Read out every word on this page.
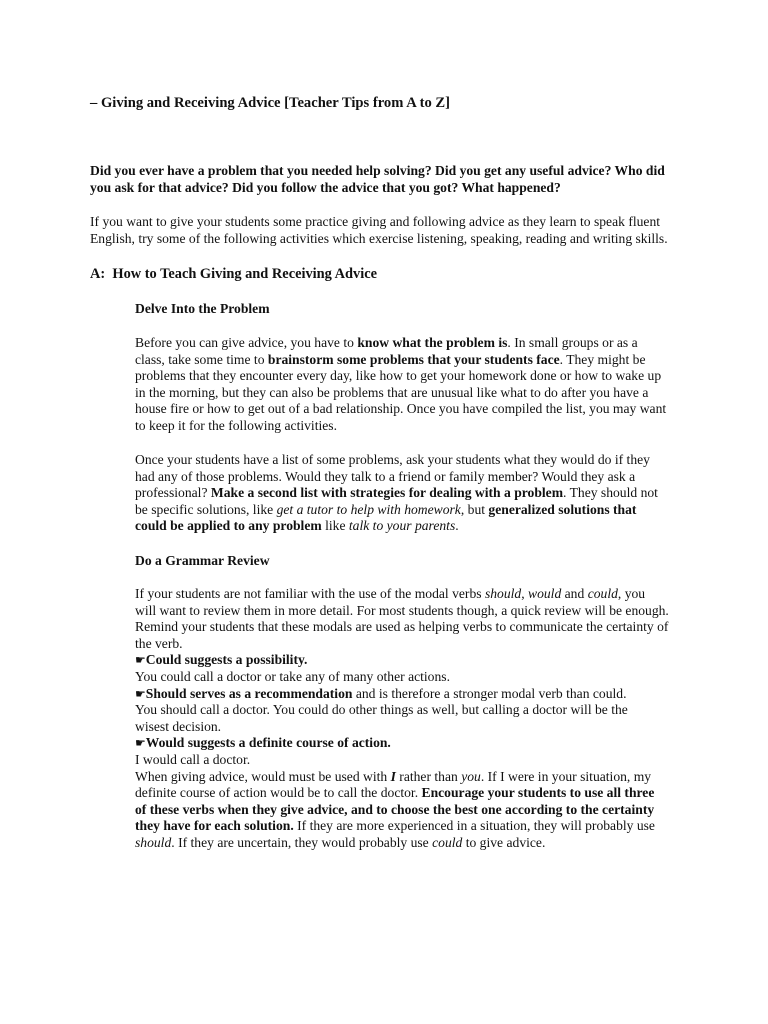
– Giving and Receiving Advice [Teacher Tips from A to Z]
Did you ever have a problem that you needed help solving? Did you get any useful advice? Who did
you ask for that advice? Did you follow the advice that you got? What happened?
If you want to give your students some practice giving and following advice as they learn to speak fluent
English, try some of the following activities which exercise listening, speaking, reading and writing skills.
A:  How to Teach Giving and Receiving Advice
Delve Into the Problem
Before you can give advice, you have to know what the problem is. In small groups or as a
class, take some time to brainstorm some problems that your students face. They might be
problems that they encounter every day, like how to get your homework done or how to wake up
in the morning, but they can also be problems that are unusual like what to do after you have a
house fire or how to get out of a bad relationship. Once you have compiled the list, you may want
to keep it for the following activities.
Once your students have a list of some problems, ask your students what they would do if they
had any of those problems. Would they talk to a friend or family member? Would they ask a
professional? Make a second list with strategies for dealing with a problem. They should not
be specific solutions, like get a tutor to help with homework, but generalized solutions that
could be applied to any problem like talk to your parents.
Do a Grammar Review
If your students are not familiar with the use of the modal verbs should, would and could, you
will want to review them in more detail. For most students though, a quick review will be enough.
Remind your students that these modals are used as helping verbs to communicate the certainty of
the verb.
☛Could suggests a possibility.
You could call a doctor or take any of many other actions.
☛Should serves as a recommendation and is therefore a stronger modal verb than could.
You should call a doctor. You could do other things as well, but calling a doctor will be the
wisest decision.
☛Would suggests a definite course of action.
I would call a doctor.
When giving advice, would must be used with I rather than you. If I were in your situation, my
definite course of action would be to call the doctor. Encourage your students to use all three
of these verbs when they give advice, and to choose the best one according to the certainty
they have for each solution. If they are more experienced in a situation, they will probably use
should. If they are uncertain, they would probably use could to give advice.
